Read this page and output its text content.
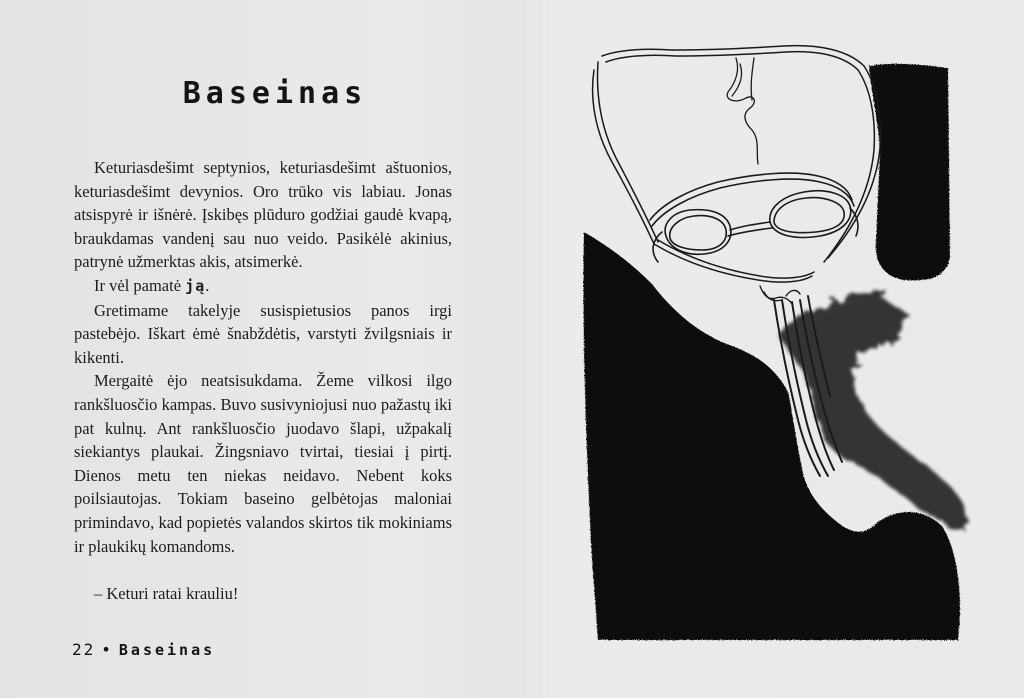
Baseinas

Keturiasdešimt septynios, keturiasdešimt aštuonios, keturiasdešimt devynios. Oro trūko vis labiau. Jonas atsispyrė ir išnėrė. Įskibęs plūduro godžiai gaudė kvapą, braukdamas vandenį sau nuo veido. Pasikėlė akinius, patrynė užmerktas akis, atsimerkė.

Ir vėl pamatė ją.

Gretimame takelyje susispietusios panos irgi pastebėjo. Iškart ėmė šnabždėtis, varstyti žvilgsniais ir kikenti.

Mergaitė ėjo neatsisukdama. Žeme vilkosi ilgo rankšluosčio kampas. Buvo susivyniojusi nuo pažastų iki pat kulnų. Ant rankšluosčio juodavo šlapi, užpakalį siekiantys plaukai. Žingsniavo tvirtai, tiesiai į pirtį. Dienos metu ten niekas neidavo. Nebent koks poilsiautojas. Tokiam baseino gelbėtojas maloniai primindavo, kad popietės valandos skirtos tik mokiniams ir plaukikų komandoms.

– Keturi ratai krauliu!

22 • Baseinas
